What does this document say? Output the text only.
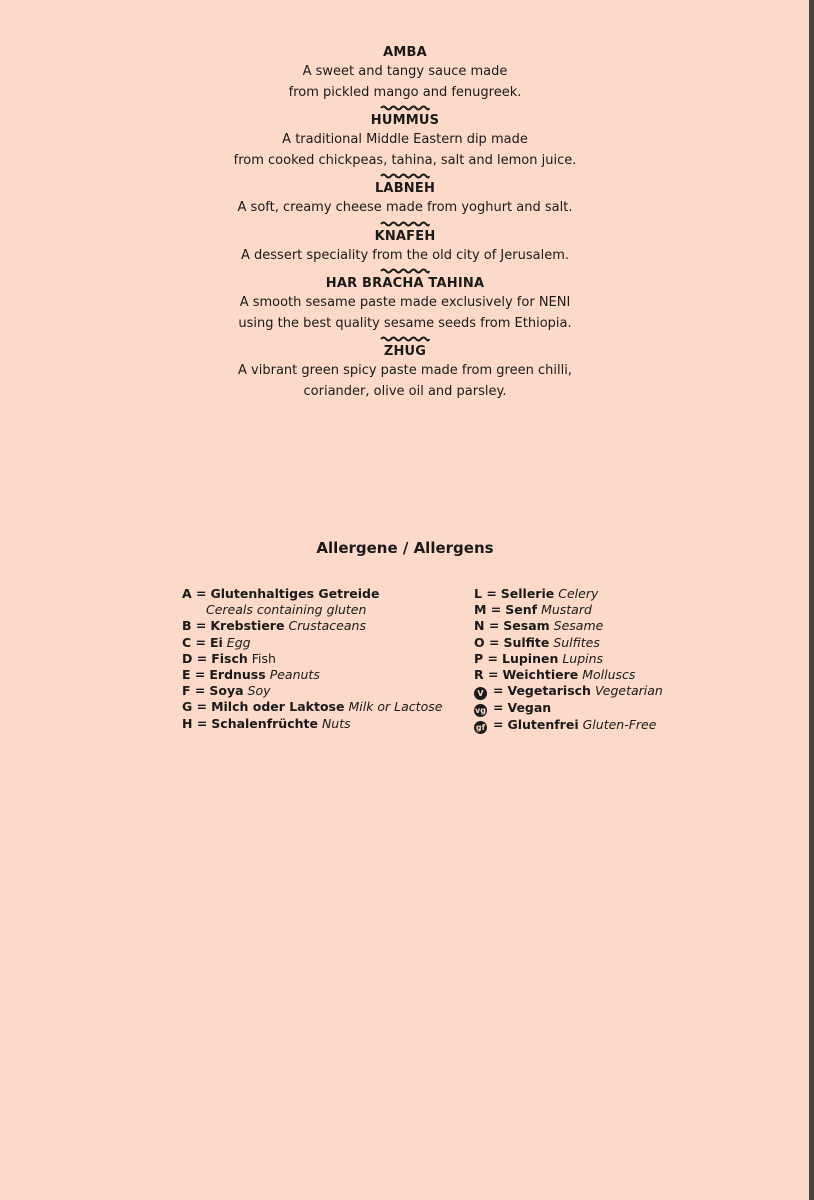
AMBA
A sweet and tangy sauce made
from pickled mango and fenugreek.
HUMMUS
A traditional Middle Eastern dip made
from cooked chickpeas, tahina, salt and lemon juice.
LABNEH
A soft, creamy cheese made from yoghurt and salt.
KNAFEH
A dessert speciality from the old city of Jerusalem.
HAR BRACHA TAHINA
A smooth sesame paste made exclusively for NENI
using the best quality sesame seeds from Ethiopia.
ZHUG
A vibrant green spicy paste made from green chilli,
coriander, olive oil and parsley.
Allergene / Allergens
A = Glutenhaltiges Getreide
Cereals containing gluten
B = Krebstiere Crustaceans
C = Ei Egg
D = Fisch Fish
E = Erdnuss Peanuts
F = Soya Soy
G = Milch oder Laktose Milk or Lactose
H = Schalenfrüchte Nuts
L = Sellerie Celery
M = Senf Mustard
N = Sesam Sesame
O = Sulfite Sulfites
P = Lupinen Lupins
R = Weichtiere Molluscs
V = Vegetarisch Vegetarian
vg = Vegan
gf = Glutenfrei Gluten-Free
